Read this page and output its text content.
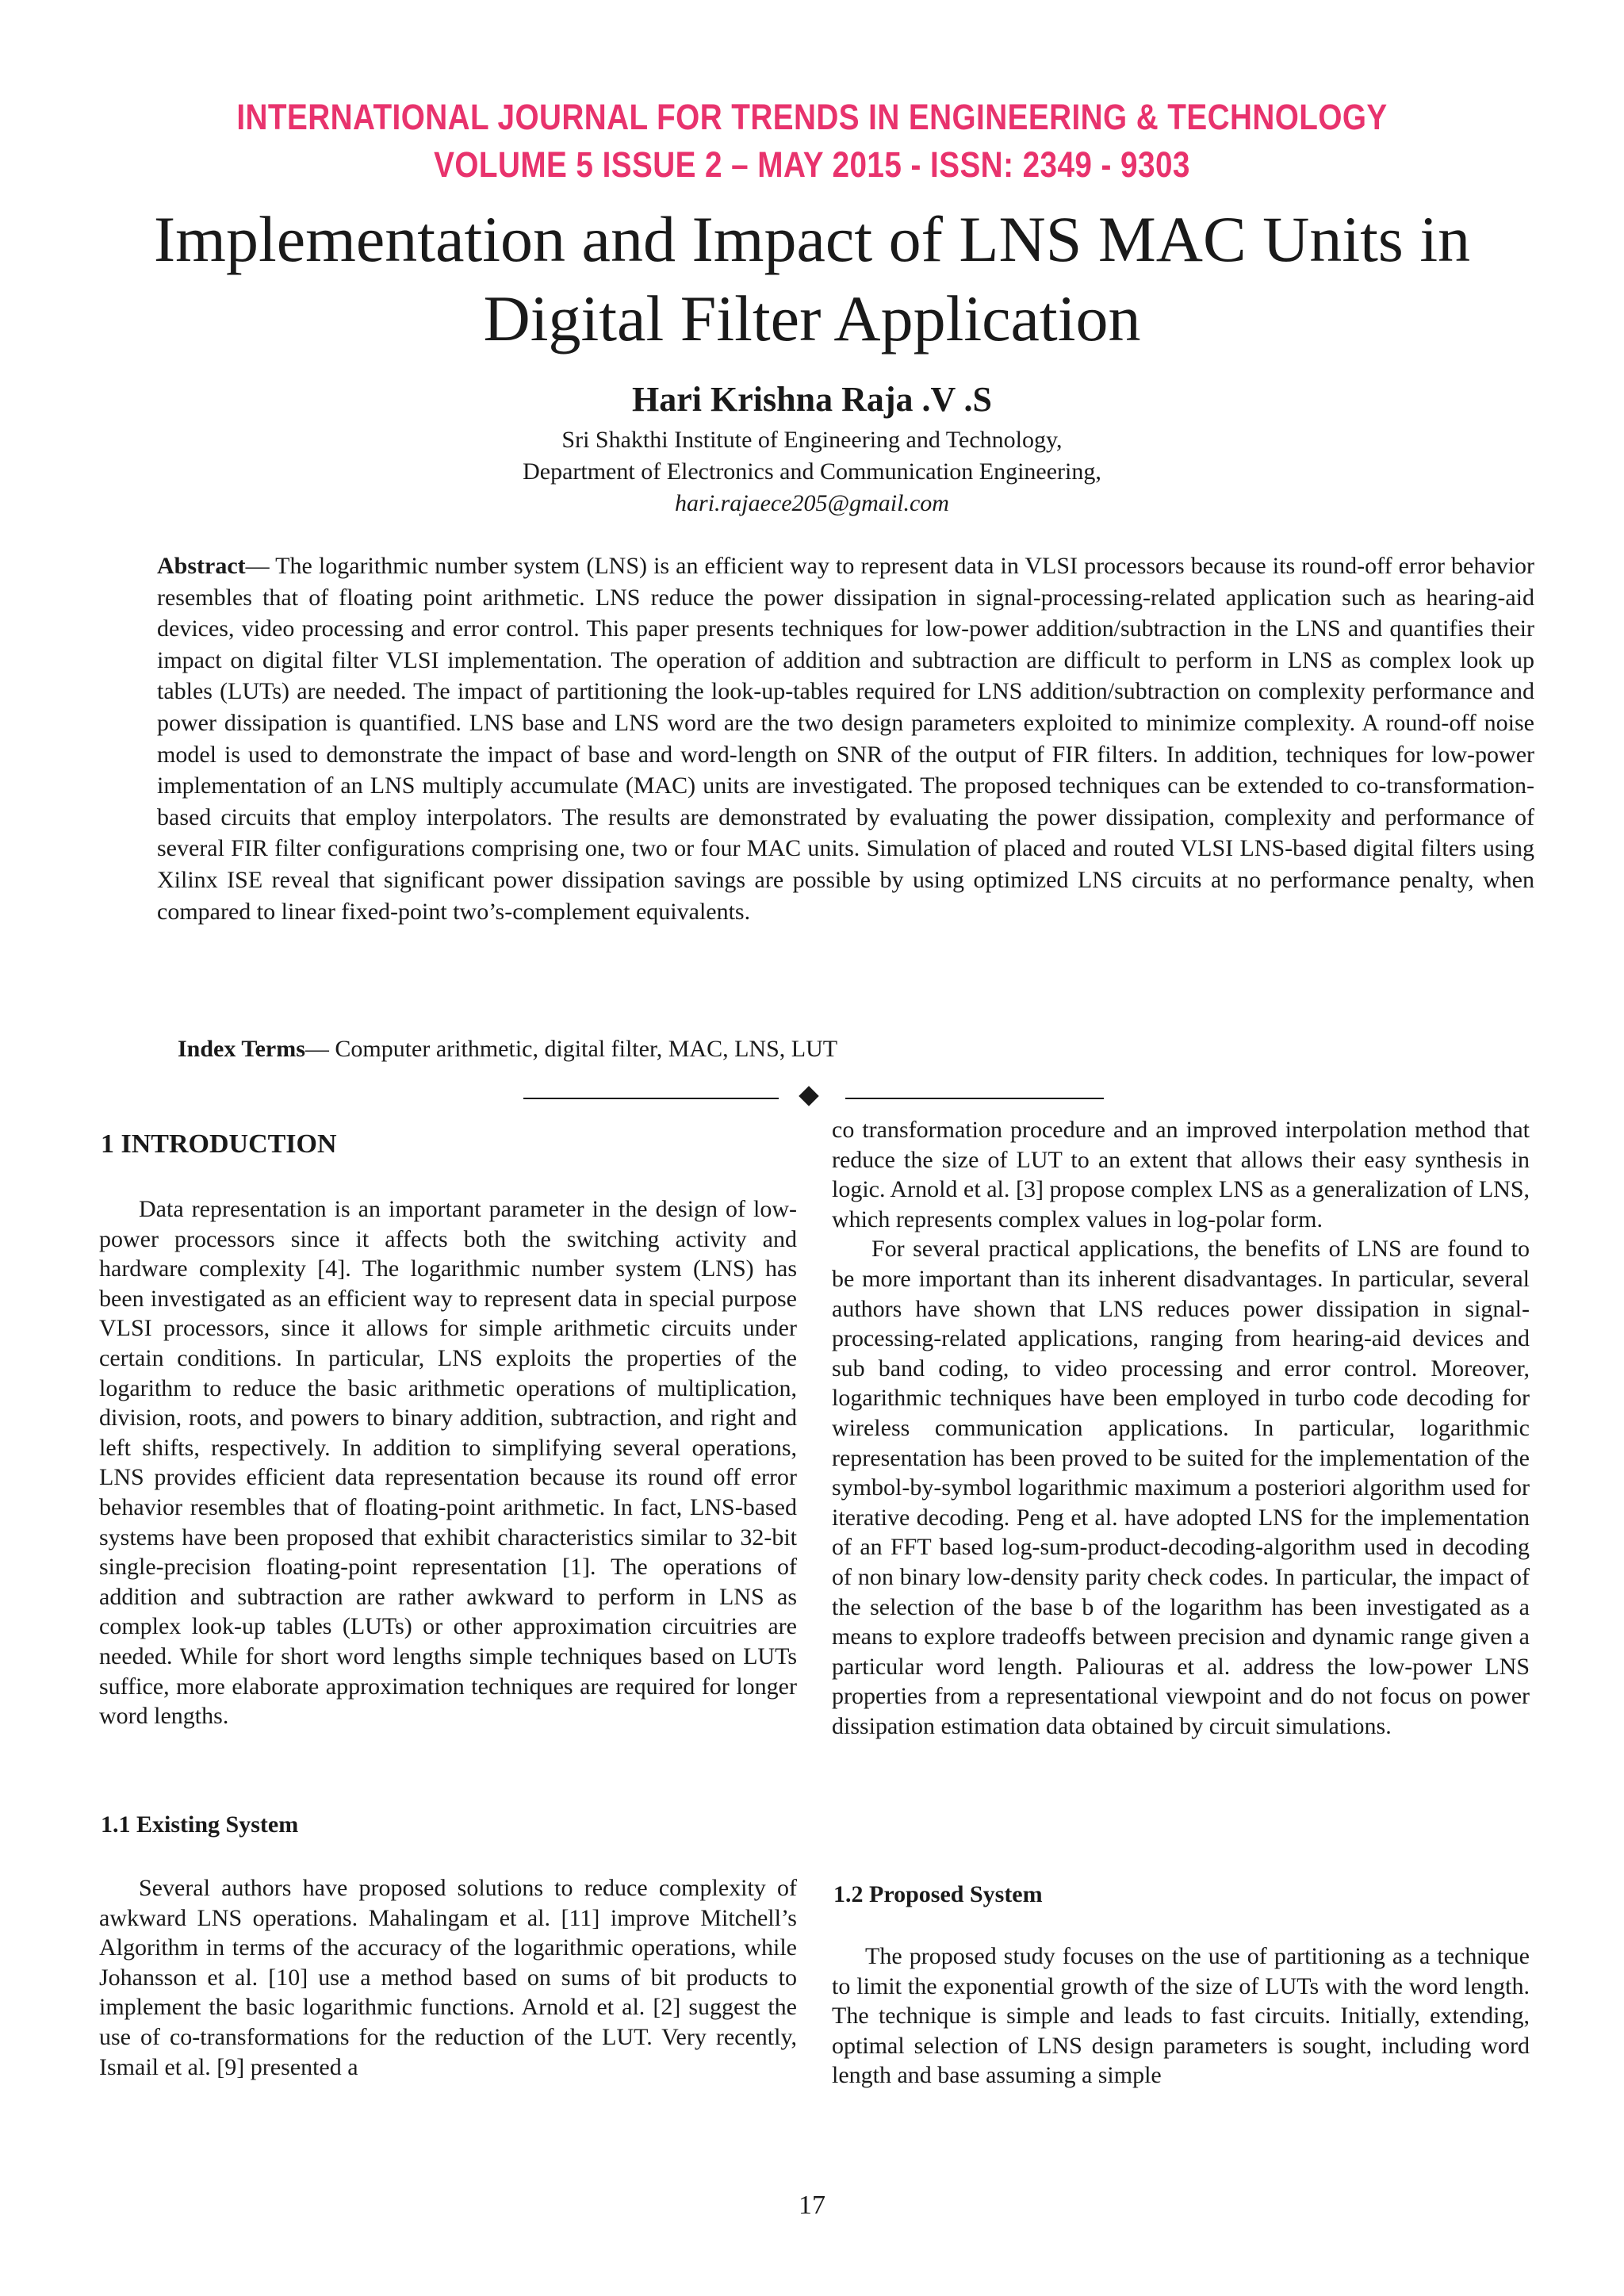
INTERNATIONAL JOURNAL FOR TRENDS IN ENGINEERING & TECHNOLOGY
VOLUME 5 ISSUE 2 – MAY 2015 - ISSN: 2349 - 9303
Implementation and Impact of LNS MAC Units in
Digital Filter Application
Hari Krishna Raja .V .S
Sri Shakthi Institute of Engineering and Technology,
Department of Electronics and Communication Engineering,
hari.rajaece205@gmail.com
Abstract— The logarithmic number system (LNS) is an efficient way to represent data in VLSI processors because its round-off error behavior resembles that of floating point arithmetic. LNS reduce the power dissipation in signal-processing-related application such as hearing-aid devices, video processing and error control. This paper presents techniques for low-power addition/subtraction in the LNS and quantifies their impact on digital filter VLSI implementation. The operation of addition and subtraction are difficult to perform in LNS as complex look up tables (LUTs) are needed. The impact of partitioning the look-up-tables required for LNS addition/subtraction on complexity performance and power dissipation is quantified. LNS base and LNS word are the two design parameters exploited to minimize complexity. A round-off noise model is used to demonstrate the impact of base and word-length on SNR of the output of FIR filters. In addition, techniques for low-power implementation of an LNS multiply accumulate (MAC) units are investigated. The proposed techniques can be extended to co-transformation-based circuits that employ interpolators. The results are demonstrated by evaluating the power dissipation, complexity and performance of several FIR filter configurations comprising one, two or four MAC units. Simulation of placed and routed VLSI LNS-based digital filters using Xilinx ISE reveal that significant power dissipation savings are possible by using optimized LNS circuits at no performance penalty, when compared to linear fixed-point two’s-complement equivalents.
Index Terms— Computer arithmetic, digital filter, MAC, LNS, LUT
1 INTRODUCTION

Data representation is an important parameter in the design of low-power processors since it affects both the switching activity and hardware complexity [4]. The logarithmic number system (LNS) has been investigated as an efficient way to represent data in special purpose VLSI processors, since it allows for simple arithmetic circuits under certain conditions. In particular, LNS exploits the properties of the logarithm to reduce the basic arithmetic operations of multiplication, division, roots, and powers to binary addition, subtraction, and right and left shifts, respectively. In addition to simplifying several operations, LNS provides efficient data representation because its round off error behavior resembles that of floating-point arithmetic. In fact, LNS-based systems have been proposed that exhibit characteristics similar to 32-bit single-precision floating-point representation [1]. The operations of addition and subtraction are rather awkward to perform in LNS as complex look-up tables (LUTs) or other approximation circuitries are needed. While for short word lengths simple techniques based on LUTs suffice, more elaborate approximation techniques are required for longer word lengths.

1.1 Existing System

Several authors have proposed solutions to reduce complexity of awkward LNS operations. Mahalingam et al. [11] improve Mitchell’s Algorithm in terms of the accuracy of the logarithmic operations, while Johansson et al. [10] use a method based on sums of bit products to implement the basic logarithmic functions. Arnold et al. [2] suggest the use of co-transformations for the reduction of the LUT. Very recently, Ismail et al. [9] presented a

co transformation procedure and an improved interpolation method that reduce the size of LUT to an extent that allows their easy synthesis in logic. Arnold et al. [3] propose complex LNS as a generalization of LNS, which represents complex values in log-polar form.

For several practical applications, the benefits of LNS are found to be more important than its inherent disadvantages. In particular, several authors have shown that LNS reduces power dissipation in signal-processing-related applications, ranging from hearing-aid devices and sub band coding, to video processing and error control. Moreover, logarithmic techniques have been employed in turbo code decoding for wireless communication applications. In particular, logarithmic representation has been proved to be suited for the implementation of the symbol-by-symbol logarithmic maximum a posteriori algorithm used for iterative decoding. Peng et al. have adopted LNS for the implementation of an FFT based log-sum-product-decoding-algorithm used in decoding of non binary low-density parity check codes. In particular, the impact of the selection of the base b of the logarithm has been investigated as a means to explore tradeoffs between precision and dynamic range given a particular word length. Paliouras et al. address the low-power LNS properties from a representational viewpoint and do not focus on power dissipation estimation data obtained by circuit simulations.

1.2 Proposed System

The proposed study focuses on the use of partitioning as a technique to limit the exponential growth of the size of LUTs with the word length. The technique is simple and leads to fast circuits. Initially, extending, optimal selection of LNS design parameters is sought, including word length and base assuming a simple

17
